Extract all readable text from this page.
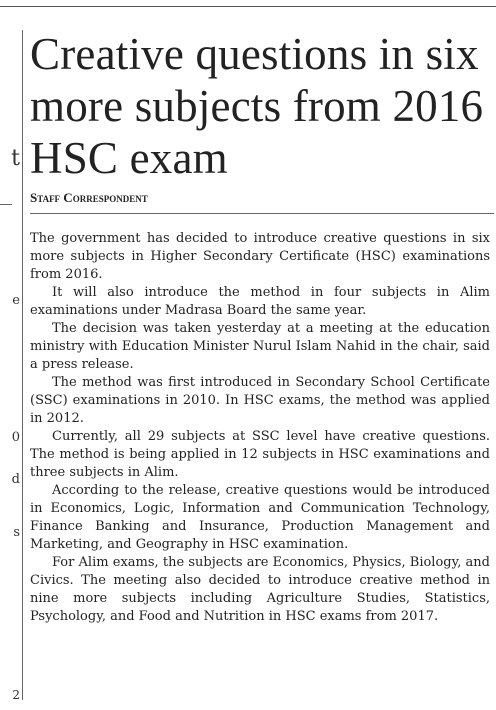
t
e
0
d
s
2
Creative questions in six more subjects from 2016 HSC exam
Staff Correspondent

The government has decided to introduce creative questions in six more subjects in Higher Secondary Certificate (HSC) examinations from 2016.

It will also introduce the method in four subjects in Alim examinations under Madrasa Board the same year.

The decision was taken yesterday at a meeting at the education ministry with Education Minister Nurul Islam Nahid in the chair, said a press release.

The method was first introduced in Secondary School Certificate (SSC) examinations in 2010. In HSC exams, the method was applied in 2012.

Currently, all 29 subjects at SSC level have creative questions. The method is being applied in 12 subjects in HSC examinations and three subjects in Alim.

According to the release, creative questions would be introduced in Economics, Logic, Information and Communication Technology, Finance Banking and Insurance, Production Management and Marketing, and Geography in HSC examination.

For Alim exams, the subjects are Economics, Physics, Biology, and Civics. The meeting also decided to introduce creative method in nine more subjects including Agriculture Studies, Statistics, Psychology, and Food and Nutrition in HSC exams from 2017.
